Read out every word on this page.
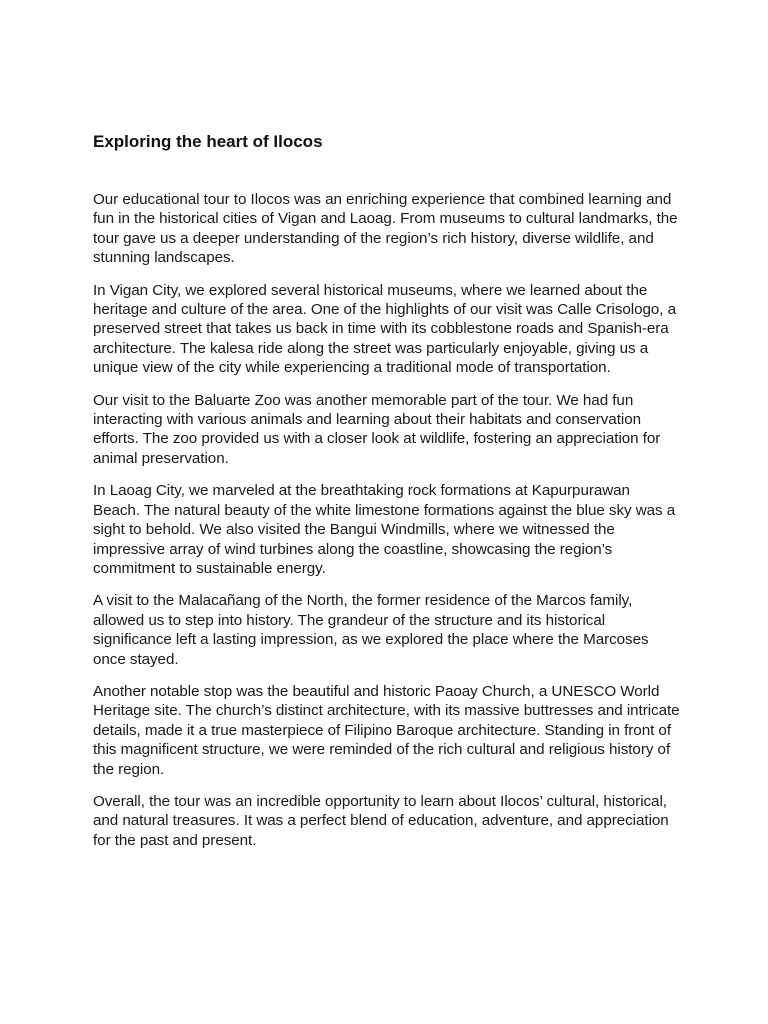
Exploring the heart of Ilocos

Our educational tour to Ilocos was an enriching experience that combined learning and fun in the historical cities of Vigan and Laoag. From museums to cultural landmarks, the tour gave us a deeper understanding of the region’s rich history, diverse wildlife, and stunning landscapes.

In Vigan City, we explored several historical museums, where we learned about the heritage and culture of the area. One of the highlights of our visit was Calle Crisologo, a preserved street that takes us back in time with its cobblestone roads and Spanish-era architecture. The kalesa ride along the street was particularly enjoyable, giving us a unique view of the city while experiencing a traditional mode of transportation.

Our visit to the Baluarte Zoo was another memorable part of the tour. We had fun interacting with various animals and learning about their habitats and conservation efforts. The zoo provided us with a closer look at wildlife, fostering an appreciation for animal preservation.

In Laoag City, we marveled at the breathtaking rock formations at Kapurpurawan Beach. The natural beauty of the white limestone formations against the blue sky was a sight to behold. We also visited the Bangui Windmills, where we witnessed the impressive array of wind turbines along the coastline, showcasing the region’s commitment to sustainable energy.

A visit to the Malacañang of the North, the former residence of the Marcos family, allowed us to step into history. The grandeur of the structure and its historical significance left a lasting impression, as we explored the place where the Marcoses once stayed.

Another notable stop was the beautiful and historic Paoay Church, a UNESCO World Heritage site. The church’s distinct architecture, with its massive buttresses and intricate details, made it a true masterpiece of Filipino Baroque architecture. Standing in front of this magnificent structure, we were reminded of the rich cultural and religious history of the region.

Overall, the tour was an incredible opportunity to learn about Ilocos’ cultural, historical, and natural treasures. It was a perfect blend of education, adventure, and appreciation for the past and present.
